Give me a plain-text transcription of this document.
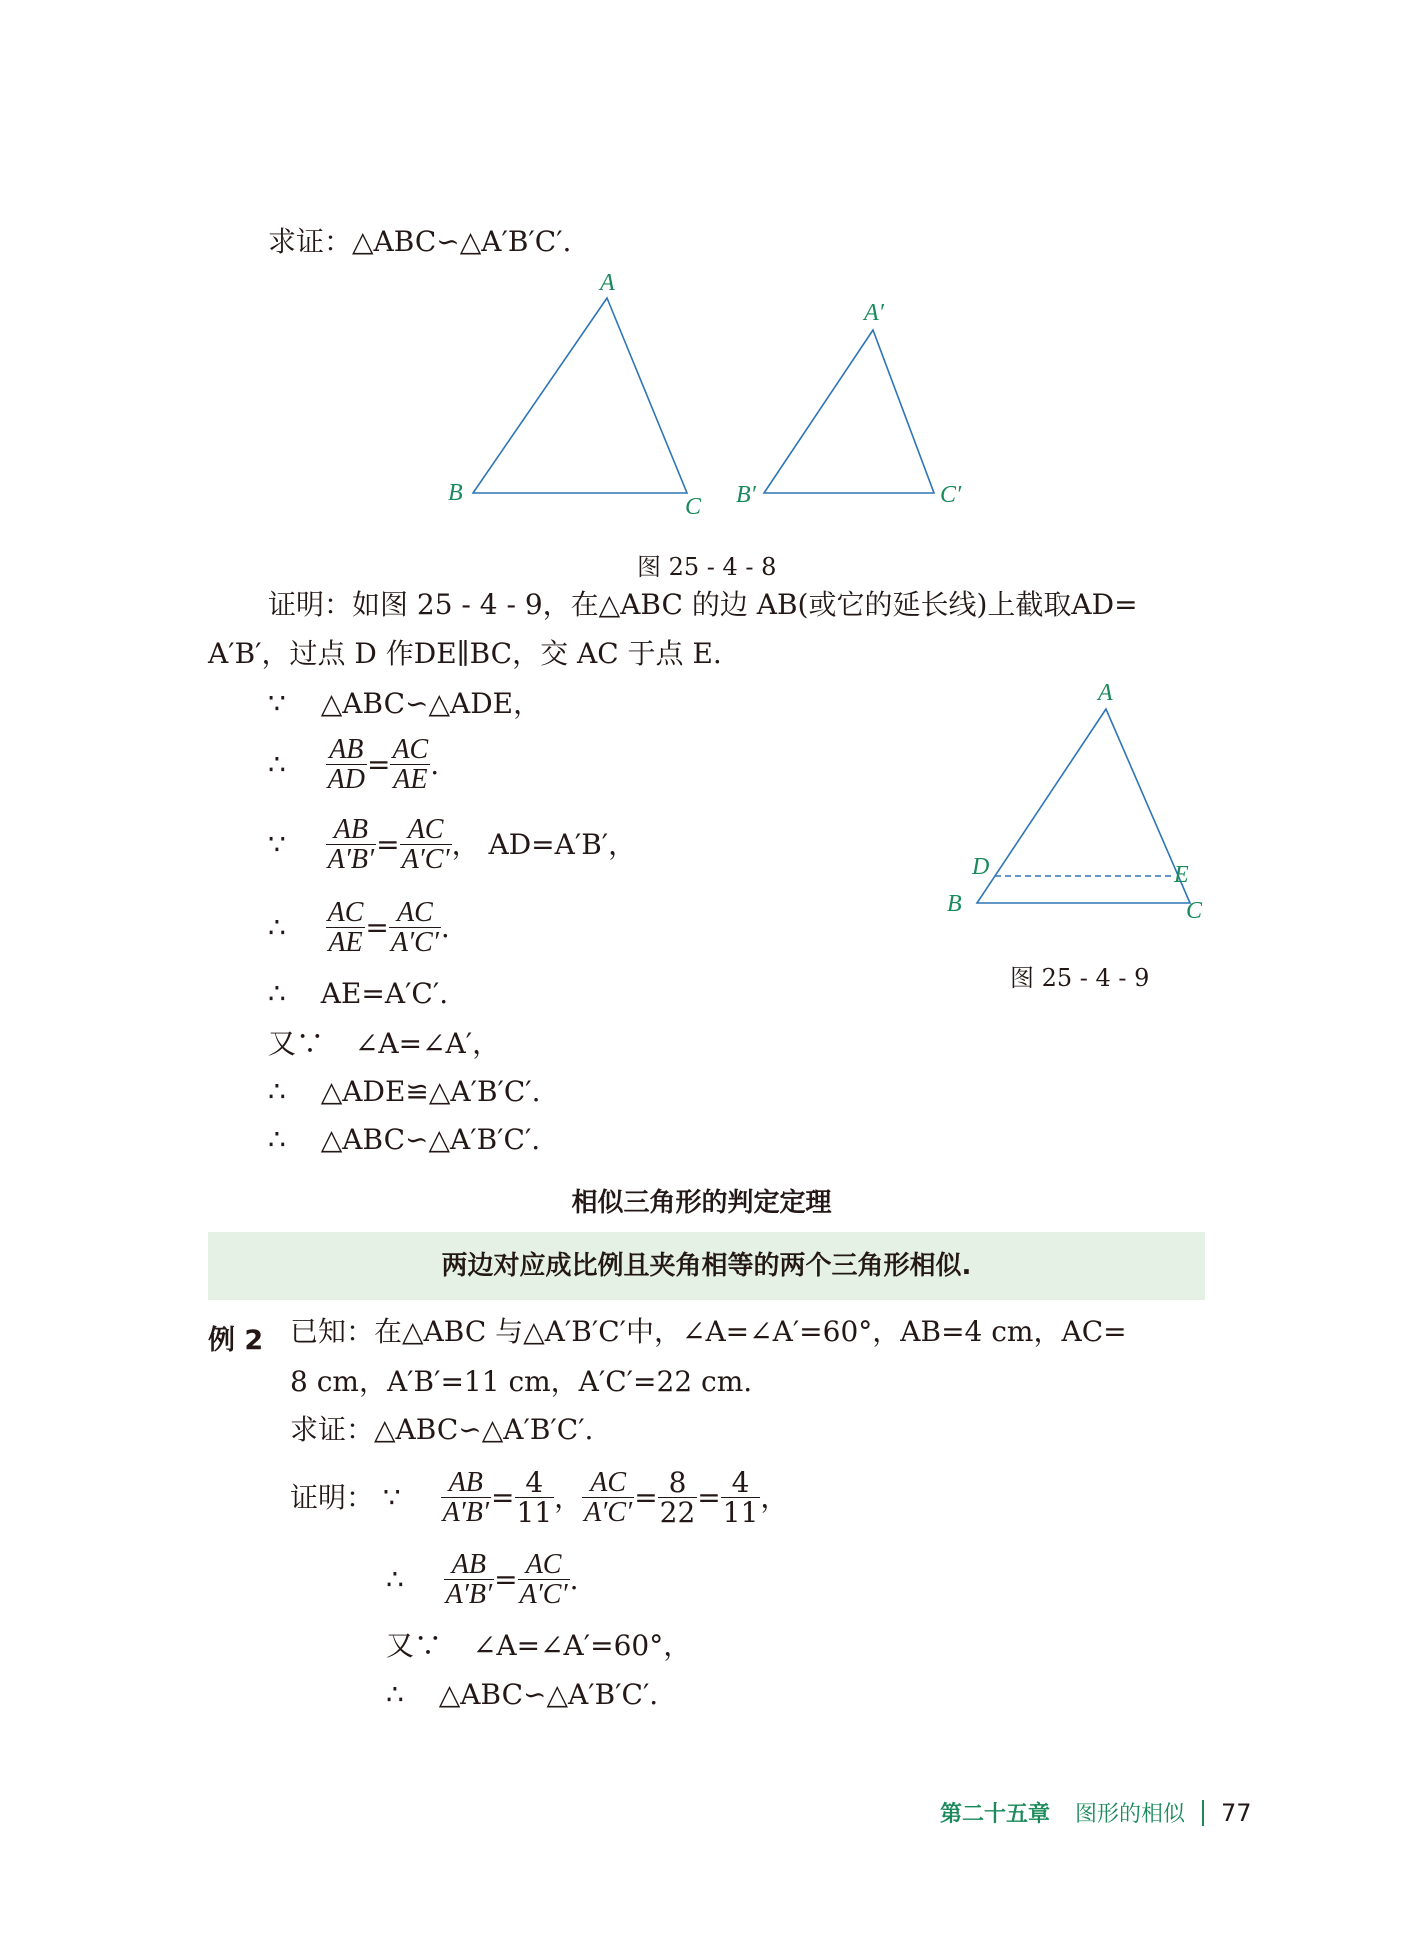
求证：△ABC∽△A′B′C′.
A
B
C
A′
B′	C′
图 25 - 4 - 8
证明：如图 25 - 4 - 9，在△ABC 的边 AB(或它的延长线)上截取AD=
A′B′，过点 D 作DE∥BC，交 AC 于点 E.
∵ △ABC∽△ADE，
∴ $\frac{AB}{AD} = \frac{AC}{AE}$ .
∵ $\frac{AB}{A'B'} = \frac{AC}{A'C'}$ ， AD=A′B′，
∴ $\frac{AC}{AE} = \frac{AC}{A'C'}$ .
∴ AE=A′C′.
又∵ ∠A=∠A′，
∴ △ADE≌△A′B′C′.
∴ △ABC∽△A′B′C′.
A
D	E
B	C
图 25 - 4 - 9
相似三角形的判定定理
两边对应成比例且夹角相等的两个三角形相似.
例 2 已知：在△ABC 与△A′B′C′中，∠A=∠A′=60°，AB=4 cm，AC=
8 cm，A′B′=11 cm，A′C′=22 cm.
求证：△ABC∽△A′B′C′.
证明： ∵ $\frac{AB}{A'B'} = \frac{4}{11}$ ， $\frac{AC}{A'C'} = \frac{8}{22} = \frac{4}{11}$ ，
∴ $\frac{AB}{A'B'} = \frac{AC}{A'C'}$ .
又∵ ∠A=∠A′=60°，
∴ △ABC∽△A′B′C′.
第二十五章 图形的相似 77
